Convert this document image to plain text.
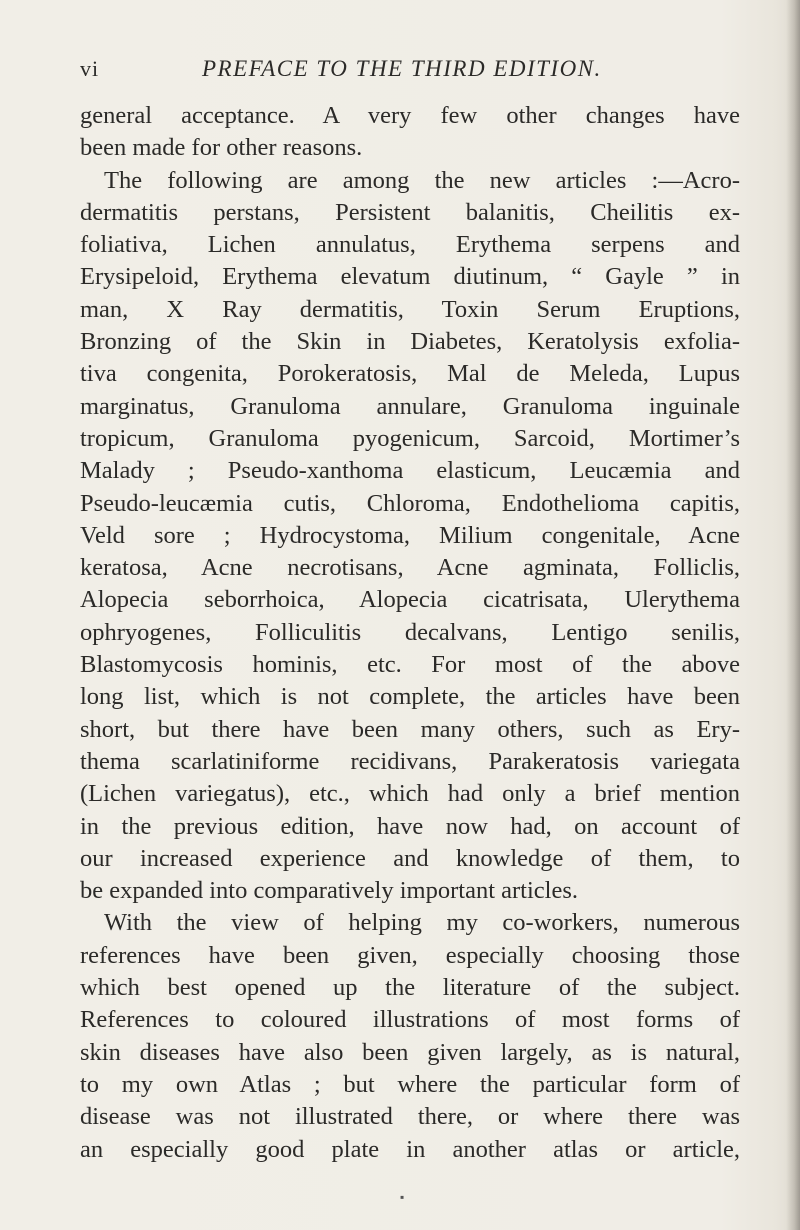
vi	PREFACE TO THE THIRD EDITION.
general acceptance. A very few other changes have
been made for other reasons.
The following are among the new articles :—Acro-
dermatitis perstans, Persistent balanitis, Cheilitis ex-
foliativa, Lichen annulatus, Erythema serpens and
Erysipeloid, Erythema elevatum diutinum, “ Gayle ” in
man, X Ray dermatitis, Toxin Serum Eruptions,
Bronzing of the Skin in Diabetes, Keratolysis exfolia-
tiva congenita, Porokeratosis, Mal de Meleda, Lupus
marginatus, Granuloma annulare, Granuloma inguinale
tropicum, Granuloma pyogenicum, Sarcoid, Mortimer’s
Malady ; Pseudo-xanthoma elasticum, Leucæmia and
Pseudo-leucæmia cutis, Chloroma, Endothelioma capitis,
Veld sore ; Hydrocystoma, Milium congenitale, Acne
keratosa, Acne necrotisans, Acne agminata, Folliclis,
Alopecia seborrhoica, Alopecia cicatrisata, Ulerythema
ophryogenes, Folliculitis decalvans, Lentigo senilis,
Blastomycosis hominis, etc. For most of the above
long list, which is not complete, the articles have been
short, but there have been many others, such as Ery-
thema scarlatiniforme recidivans, Parakeratosis variegata
(Lichen variegatus), etc., which had only a brief mention
in the previous edition, have now had, on account of
our increased experience and knowledge of them, to
be expanded into comparatively important articles.
With the view of helping my co-workers, numerous
references have been given, especially choosing those
which best opened up the literature of the subject.
References to coloured illustrations of most forms of
skin diseases have also been given largely, as is natural,
to my own Atlas ; but where the particular form of
disease was not illustrated there, or where there was
an especially good plate in another atlas or article,
▪
